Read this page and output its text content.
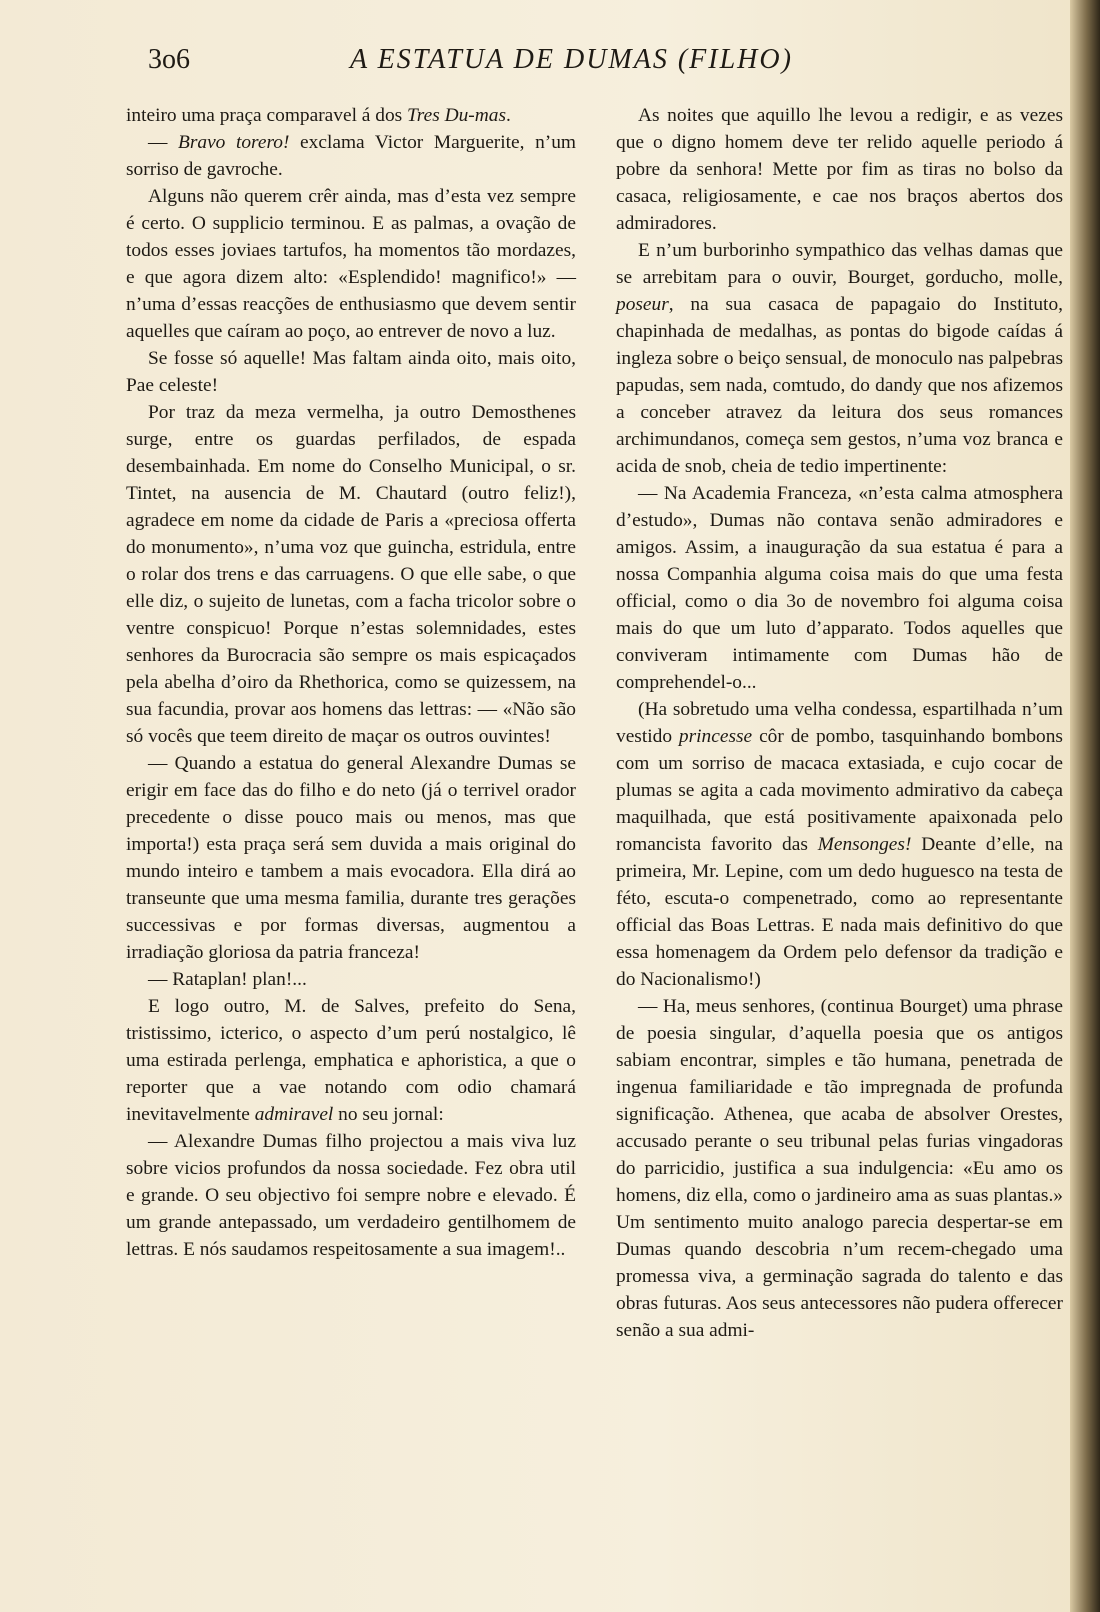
3o6	A ESTATUA DE DUMAS (FILHO)

inteiro uma praça comparavel á dos Tres Du-mas.

— Bravo torero! exclama Victor Marguerite, n’um sorriso de gavroche.

Alguns não querem crêr ainda, mas d’esta vez sempre é certo. O supplicio terminou. E as palmas, a ovação de todos esses joviaes tartufos, ha momentos tão mordazes, e que agora dizem alto: «Esplendido! magnifico!» — n’uma d’essas reacções de enthusiasmo que devem sentir aquelles que caíram ao poço, ao entrever de novo a luz.

Se fosse só aquelle! Mas faltam ainda oito, mais oito, Pae celeste!

Por traz da meza vermelha, ja outro Demosthenes surge, entre os guardas perfilados, de espada desembainhada. Em nome do Conselho Municipal, o sr. Tintet, na ausencia de M. Chautard (outro feliz!), agradece em nome da cidade de Paris a «preciosa offerta do monumento», n’uma voz que guincha, estridula, entre o rolar dos trens e das carruagens. O que elle sabe, o que elle diz, o sujeito de lunetas, com a facha tricolor sobre o ventre conspicuo! Porque n’estas solemnidades, estes senhores da Burocracia são sempre os mais espicaçados pela abelha d’oiro da Rhethorica, como se quizessem, na sua facundia, provar aos homens das lettras: — «Não são só vocês que teem direito de maçar os outros ouvintes!

— Quando a estatua do general Alexandre Dumas se erigir em face das do filho e do neto (já o terrivel orador precedente o disse pouco mais ou menos, mas que importa!) esta praça será sem duvida a mais original do mundo inteiro e tambem a mais evocadora. Ella dirá ao transeunte que uma mesma familia, durante tres gerações successivas e por formas diversas, augmentou a irradiação gloriosa da patria franceza!

— Rataplan! plan!...

E logo outro, M. de Salves, prefeito do Sena, tristissimo, icterico, o aspecto d’um perú nostalgico, lê uma estirada perlenga, emphatica e aphoristica, a que o reporter que a vae notando com odio chamará inevitavelmente admiravel no seu jornal:

— Alexandre Dumas filho projectou a mais viva luz sobre vicios profundos da nossa sociedade. Fez obra util e grande. O seu objectivo foi sempre nobre e elevado. É um grande antepassado, um verdadeiro gentilhomem de lettras. E nós saudamos respeitosamente a sua imagem!..

As noites que aquillo lhe levou a redigir, e as vezes que o digno homem deve ter relido aquelle periodo á pobre da senhora! Mette por fim as tiras no bolso da casaca, religiosamente, e cae nos braços abertos dos admiradores.

E n’um burborinho sympathico das velhas damas que se arrebitam para o ouvir, Bourget, gorducho, molle, poseur, na sua casaca de papagaio do Instituto, chapinhada de medalhas, as pontas do bigode caídas á ingleza sobre o beiço sensual, de monoculo nas palpebras papudas, sem nada, comtudo, do dandy que nos afizemos a conceber atravez da leitura dos seus romances archimundanos, começa sem gestos, n’uma voz branca e acida de snob, cheia de tedio impertinente:

— Na Academia Franceza, «n’esta calma atmosphera d’estudo», Dumas não contava senão admiradores e amigos. Assim, a inauguração da sua estatua é para a nossa Companhia alguma coisa mais do que uma festa official, como o dia 3o de novembro foi alguma coisa mais do que um luto d’apparato. Todos aquelles que conviveram intimamente com Dumas hão de comprehendel-o...

(Ha sobretudo uma velha condessa, espartilhada n’um vestido princesse côr de pombo, tasquinhando bombons com um sorriso de macaca extasiada, e cujo cocar de plumas se agita a cada movimento admirativo da cabeça maquilhada, que está positivamente apaixonada pelo romancista favorito das Mensonges! Deante d’elle, na primeira, Mr. Lepine, com um dedo huguesco na testa de féto, escuta-o compenetrado, como ao representante official das Boas Lettras. E nada mais definitivo do que essa homenagem da Ordem pelo defensor da tradição e do Nacionalismo!)

— Ha, meus senhores, (continua Bourget) uma phrase de poesia singular, d’aquella poesia que os antigos sabiam encontrar, simples e tão humana, penetrada de ingenua familiaridade e tão impregnada de profunda significação. Athenea, que acaba de absolver Orestes, accusado perante o seu tribunal pelas furias vingadoras do parricidio, justifica a sua indulgencia: «Eu amo os homens, diz ella, como o jardineiro ama as suas plantas.» Um sentimento muito analogo parecia despertar-se em Dumas quando descobria n’um recem-chegado uma promessa viva, a germinação sagrada do talento e das obras futuras. Aos seus antecessores não pudera offerecer senão a sua admi-
